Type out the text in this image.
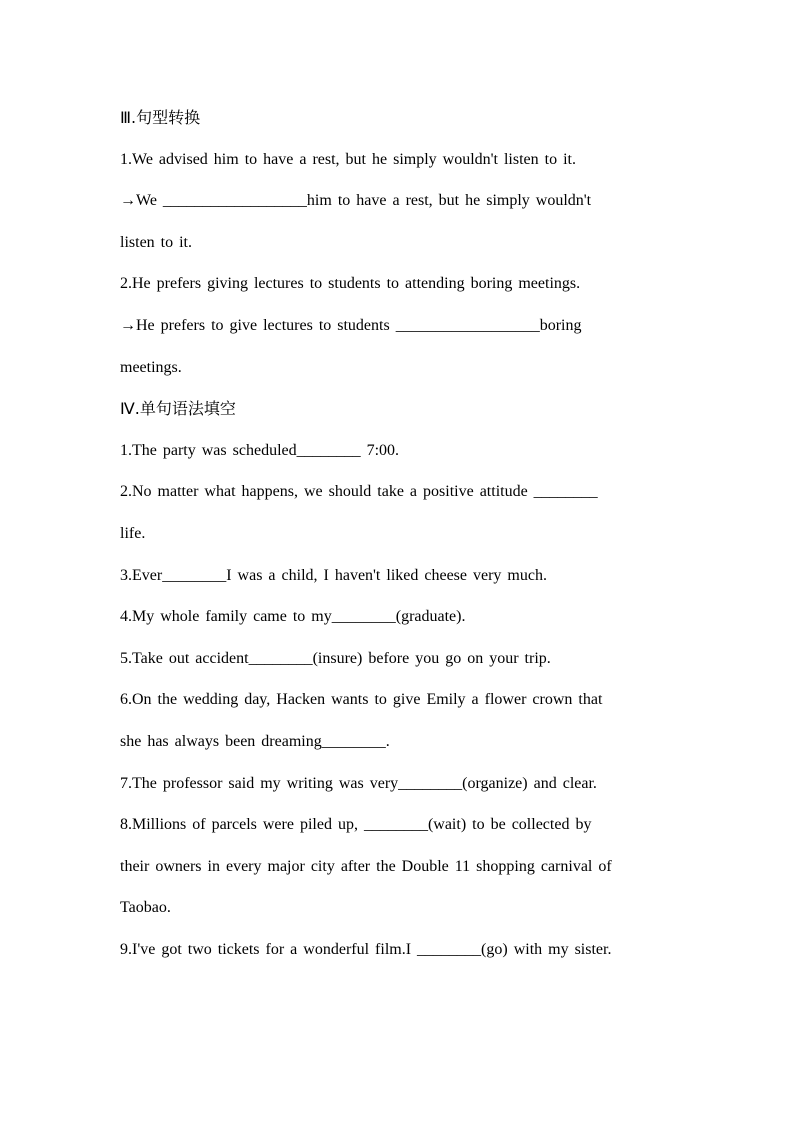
Ⅲ.句型转换
1.We advised him to have a rest, but he simply wouldn't listen to it.
→We __________________him to have a rest, but he simply wouldn't
listen to it.
2.He prefers giving lectures to students to attending boring meetings.
→He prefers to give lectures to students __________________boring
meetings.
Ⅳ.单句语法填空
1.The party was scheduled________ 7:00.
2.No matter what happens, we should take a positive attitude ________
life.
3.Ever________I was a child, I haven't liked cheese very much.
4.My whole family came to my________(graduate).
5.Take out accident________(insure) before you go on your trip.
6.On the wedding day, Hacken wants to give Emily a flower crown that
she has always been dreaming________.
7.The professor said my writing was very________(organize) and clear.
8.Millions of parcels were piled up, ________(wait) to be collected by
their owners in every major city after the Double 11 shopping carnival of
Taobao.
9.I've got two tickets for a wonderful film.I ________(go) with my sister.
